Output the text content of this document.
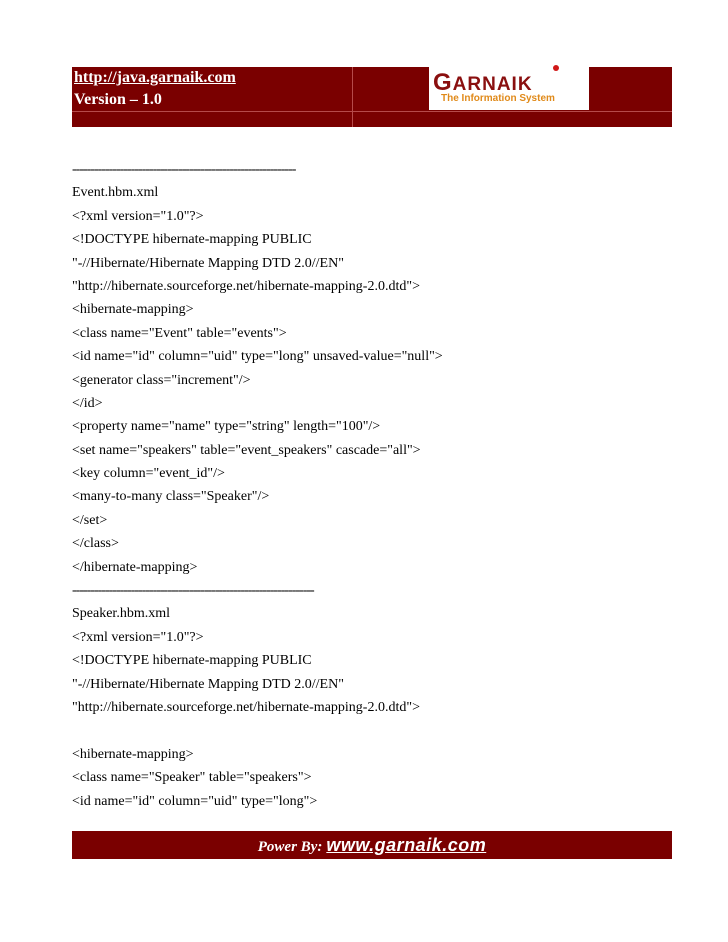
http://java.garnaik.com
Version – 1.0
GARNAIK
The Information System
-------------------------------------------------------------
Event.hbm.xml
<?xml version="1.0"?>
<!DOCTYPE hibernate-mapping PUBLIC
"-//Hibernate/Hibernate Mapping DTD 2.0//EN"
"http://hibernate.sourceforge.net/hibernate-mapping-2.0.dtd">
<hibernate-mapping>
<class name="Event" table="events">
<id name="id" column="uid" type="long" unsaved-value="null">
<generator class="increment"/>
</id>
<property name="name" type="string" length="100"/>
<set name="speakers" table="event_speakers" cascade="all">
<key column="event_id"/>
<many-to-many class="Speaker"/>
</set>
</class>
</hibernate-mapping>
------------------------------------------------------------------
Speaker.hbm.xml
<?xml version="1.0"?>
<!DOCTYPE hibernate-mapping PUBLIC
"-//Hibernate/Hibernate Mapping DTD 2.0//EN"
"http://hibernate.sourceforge.net/hibernate-mapping-2.0.dtd">
<hibernate-mapping>
<class name="Speaker" table="speakers">
<id name="id" column="uid" type="long">
Power By: www.garnaik.com
